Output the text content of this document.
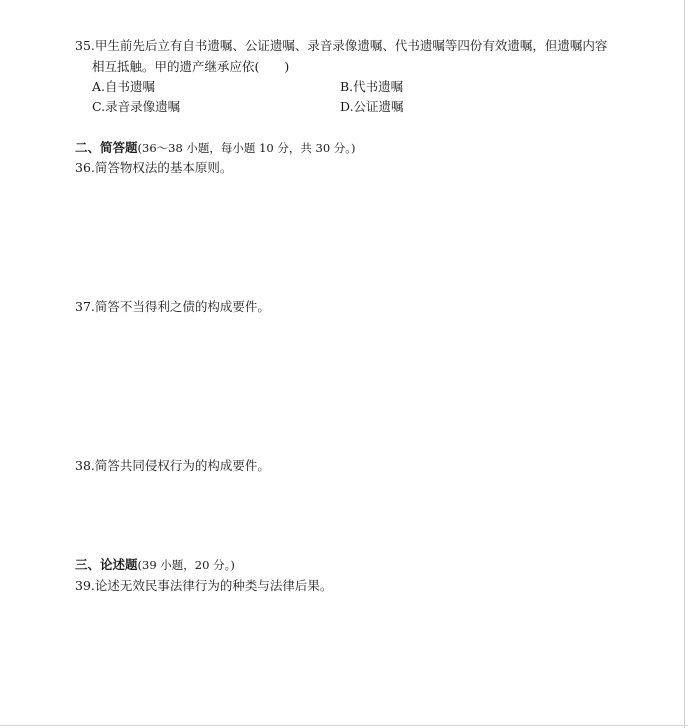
35.甲生前先后立有自书遗嘱、公证遗嘱、录音录像遗嘱、代书遗嘱等四份有效遗嘱，但遗嘱内容
相互抵触。甲的遗产继承应依(　　)
A.自书遗嘱	B.代书遗嘱
C.录音录像遗嘱	D.公证遗嘱
二、简答题(36～38 小题，每小题 10 分，共 30 分。)
36.简答物权法的基本原则。
37.简答不当得利之债的构成要件。
38.简答共同侵权行为的构成要件。
三、论述题(39 小题，20 分。)
39.论述无效民事法律行为的种类与法律后果。
